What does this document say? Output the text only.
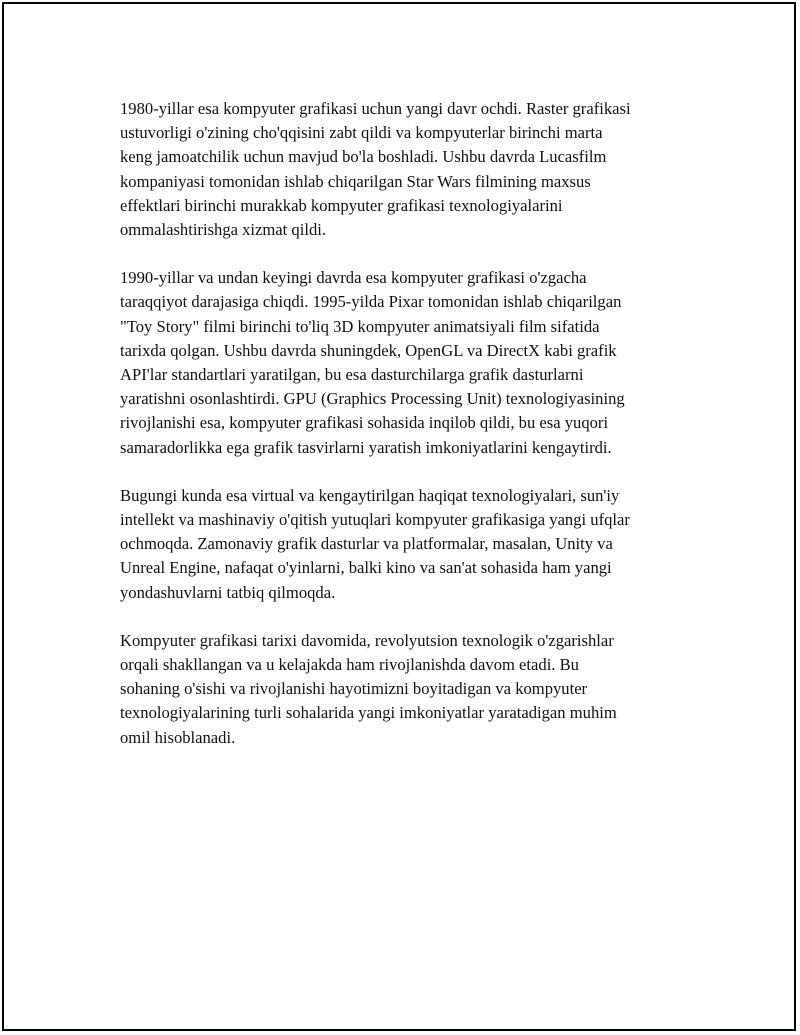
1980-yillar esa kompyuter grafikasi uchun yangi davr ochdi. Raster grafikasi
ustuvorligi o'zining cho'qqisini zabt qildi va kompyuterlar birinchi marta
keng jamoatchilik uchun mavjud bo'la boshladi. Ushbu davrda Lucasfilm
kompaniyasi tomonidan ishlab chiqarilgan Star Wars filmining maxsus
effektlari birinchi murakkab kompyuter grafikasi texnologiyalarini
ommalashtirishga xizmat qildi.

1990-yillar va undan keyingi davrda esa kompyuter grafikasi o'zgacha
taraqqiyot darajasiga chiqdi. 1995-yilda Pixar tomonidan ishlab chiqarilgan
"Toy Story" filmi birinchi to'liq 3D kompyuter animatsiyali film sifatida
tarixda qolgan. Ushbu davrda shuningdek, OpenGL va DirectX kabi grafik
API'lar standartlari yaratilgan, bu esa dasturchilarga grafik dasturlarni
yaratishni osonlashtirdi. GPU (Graphics Processing Unit) texnologiyasining
rivojlanishi esa, kompyuter grafikasi sohasida inqilob qildi, bu esa yuqori
samaradorlikka ega grafik tasvirlarni yaratish imkoniyatlarini kengaytirdi.

Bugungi kunda esa virtual va kengaytirilgan haqiqat texnologiyalari, sun'iy
intellekt va mashinaviy o'qitish yutuqlari kompyuter grafikasiga yangi ufqlar
ochmoqda. Zamonaviy grafik dasturlar va platformalar, masalan, Unity va
Unreal Engine, nafaqat o'yinlarni, balki kino va san'at sohasida ham yangi
yondashuvlarni tatbiq qilmoqda.

Kompyuter grafikasi tarixi davomida, revolyutsion texnologik o'zgarishlar
orqali shakllangan va u kelajakda ham rivojlanishda davom etadi. Bu
sohaning o'sishi va rivojlanishi hayotimizni boyitadigan va kompyuter
texnologiyalarining turli sohalarida yangi imkoniyatlar yaratadigan muhim
omil hisoblanadi.
